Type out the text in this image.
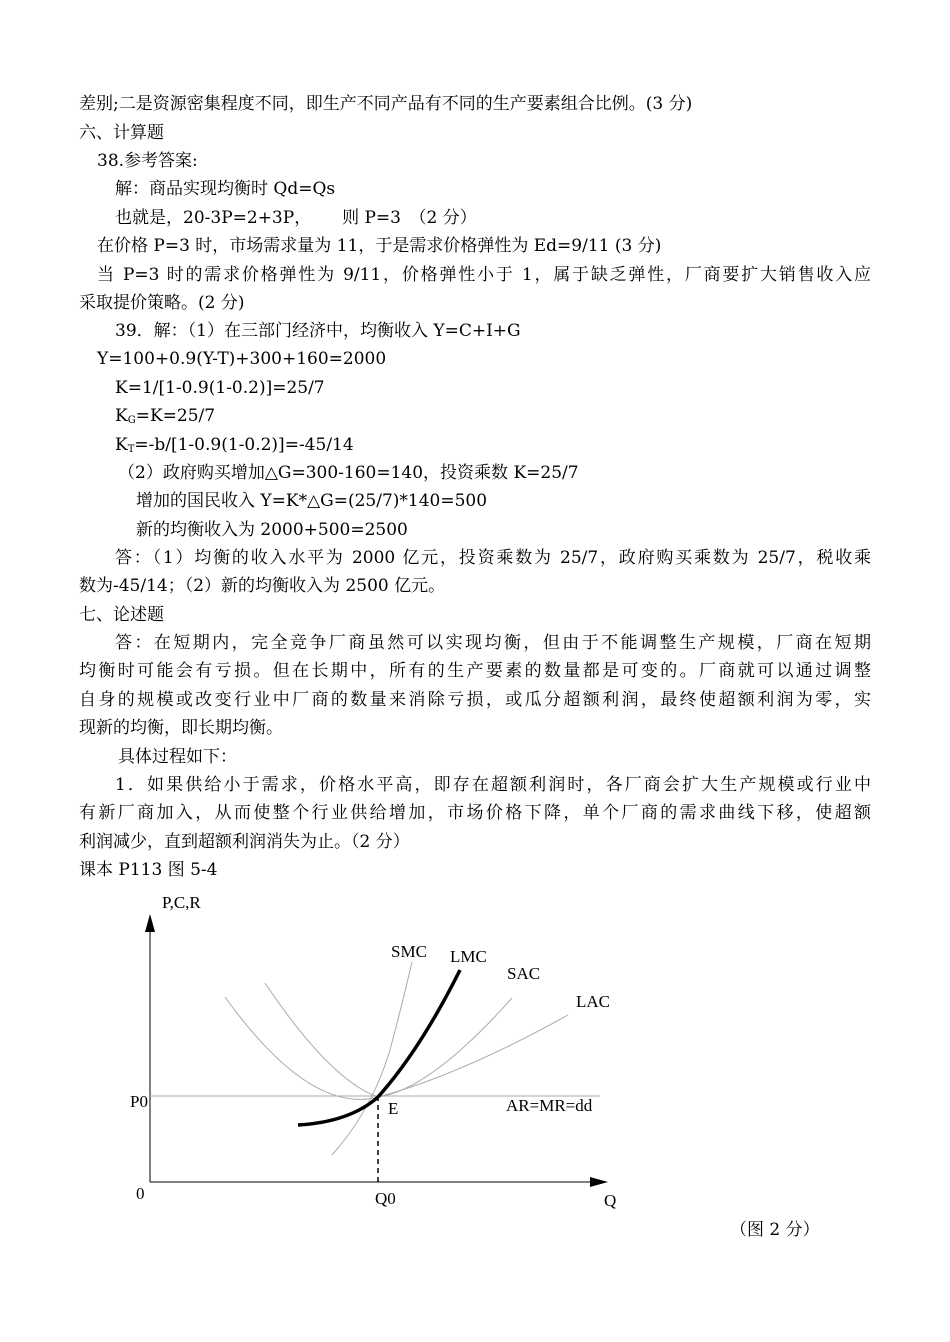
差别;二是资源密集程度不同，即生产不同产品有不同的生产要素组合比例。(3 分)
六、计算题
38.参考答案:
解：商品实现均衡时 Qd=Qs
也就是，20-3P=2+3P，　　 则 P=3　（2 分）
在价格 P=3 时，市场需求量为 11，于是需求价格弹性为 Ed=9/11 (3 分)
当 P=3 时的需求价格弹性为 9/11，价格弹性小于 1，属于缺乏弹性，厂商要扩大销售收入应
采取提价策略。(2 分)
39．解：（1）在三部门经济中，均衡收入 Y=C+I+G
Y=100+0.9(Y-T)+300+160=2000
K=1/[1-0.9(1-0.2)]=25/7
$K_G=K=25/7$
$K_T=-b/[1-0.9(1-0.2)]=-45/14$
（2）政府购买增加△G=300-160=140，投资乘数 K=25/7
增加的国民收入 Y=K*△G=(25/7)*140=500
新的均衡收入为 2000+500=2500
答：（1）均衡的收入水平为 2000 亿元，投资乘数为 25/7，政府购买乘数为 25/7，税收乘
数为-45/14；（2）新的均衡收入为 2500 亿元。
七、论述题
答：在短期内，完全竞争厂商虽然可以实现均衡，但由于不能调整生产规模，厂商在短期
均衡时可能会有亏损。但在长期中，所有的生产要素的数量都是可变的。厂商就可以通过调整
自身的规模或改变行业中厂商的数量来消除亏损，或瓜分超额利润，最终使超额利润为零，实
现新的均衡，即长期均衡。
具体过程如下：
1．如果供给小于需求，价格水平高，即存在超额利润时，各厂商会扩大生产规模或行业中
有新厂商加入，从而使整个行业供给增加，市场价格下降，单个厂商的需求曲线下移，使超额
利润减少，直到超额利润消失为止。（2 分）
课本 P113 图 5-4
P,C,R
Q
0
P0
Q0
E
SMC LMC
SAC
LAC
AR=MR=dd
（图 2 分）
